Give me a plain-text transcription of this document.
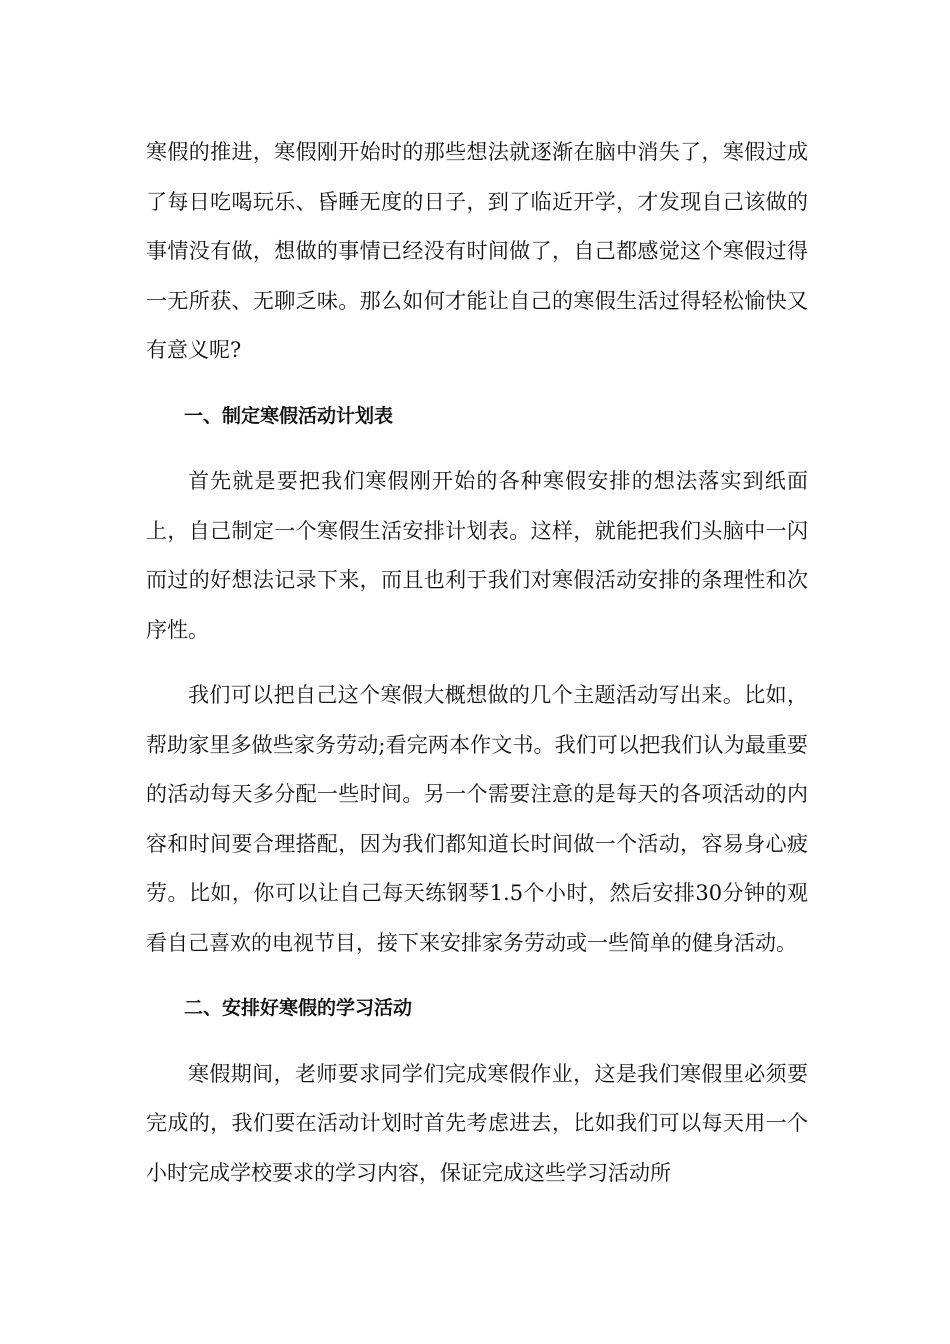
寒假的推进，寒假刚开始时的那些想法就逐渐在脑中消失了，寒假过成了每日吃喝玩乐、昏睡无度的日子，到了临近开学，才发现自己该做的事情没有做，想做的事情已经没有时间做了，自己都感觉这个寒假过得一无所获、无聊乏味。那么如何才能让自己的寒假生活过得轻松愉快又有意义呢?

一、制定寒假活动计划表

首先就是要把我们寒假刚开始的各种寒假安排的想法落实到纸面上，自己制定一个寒假生活安排计划表。这样，就能把我们头脑中一闪而过的好想法记录下来，而且也利于我们对寒假活动安排的条理性和次序性。

我们可以把自己这个寒假大概想做的几个主题活动写出来。比如，帮助家里多做些家务劳动;看完两本作文书。我们可以把我们认为最重要的活动每天多分配一些时间。另一个需要注意的是每天的各项活动的内容和时间要合理搭配，因为我们都知道长时间做一个活动，容易身心疲劳。比如，你可以让自己每天练钢琴1.5个小时，然后安排30分钟的观看自己喜欢的电视节目，接下来安排家务劳动或一些简单的健身活动。

二、安排好寒假的学习活动

寒假期间，老师要求同学们完成寒假作业，这是我们寒假里必须要完成的，我们要在活动计划时首先考虑进去，比如我们可以每天用一个小时完成学校要求的学习内容，保证完成这些学习活动所
